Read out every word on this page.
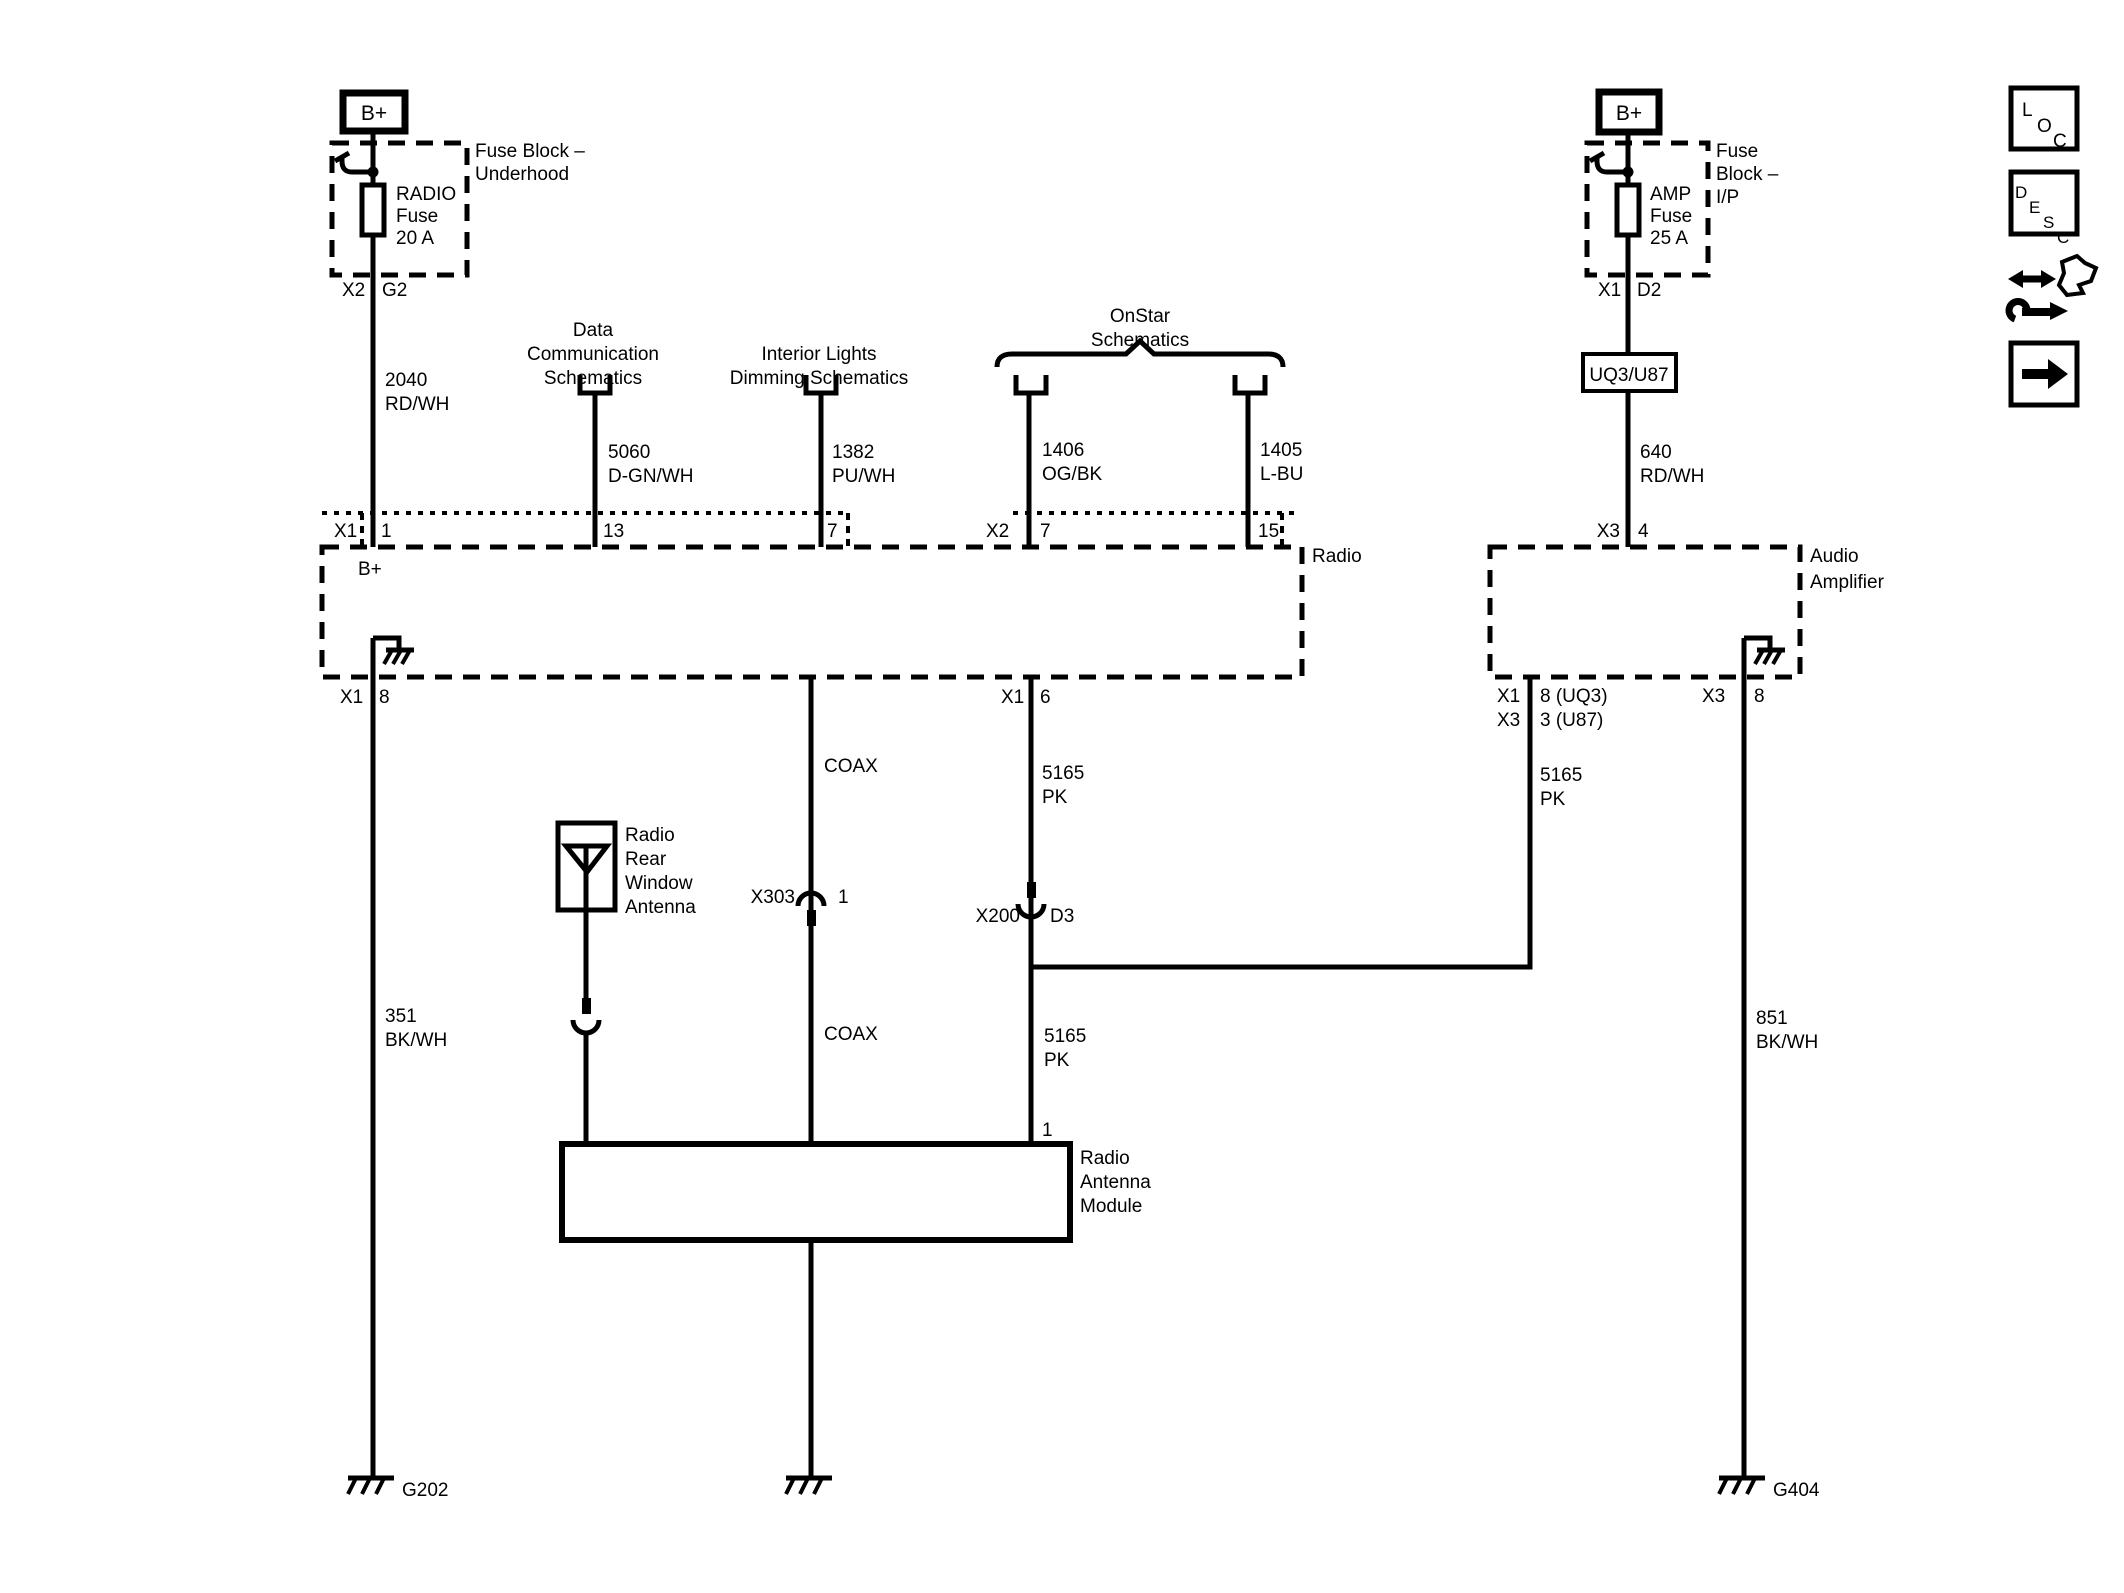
B+
RADIO
Fuse
20 A
Fuse Block –
Underhood
X2 G2
2040
RD/WH
B+
AMP
Fuse
25 A
Fuse
Block –
I/P
X1 D2
UQ3/U87
640
RD/WH
Data
Communication
Schematics
5060
D-GN/WH
Interior Lights
Dimming Schematics
1382
PU/WH
OnStar
Schematics
1406
OG/BK
1405
L-BU
X1 1	13	7	X2 7	15
Radio
B+
X1 8	X1 6
X3 4
Audio
Amplifier
X1 8 (UQ3)
X3 3 (U87)
X3 8
351
BK/WH
G202
851
BK/WH
G404
Radio
Rear
Window
Antenna
COAX
X303 1
COAX
5165
PK
X200 D3
5165
PK
5165
PK
1
Radio
Antenna
Module
L
O
C
D
E
S
C
